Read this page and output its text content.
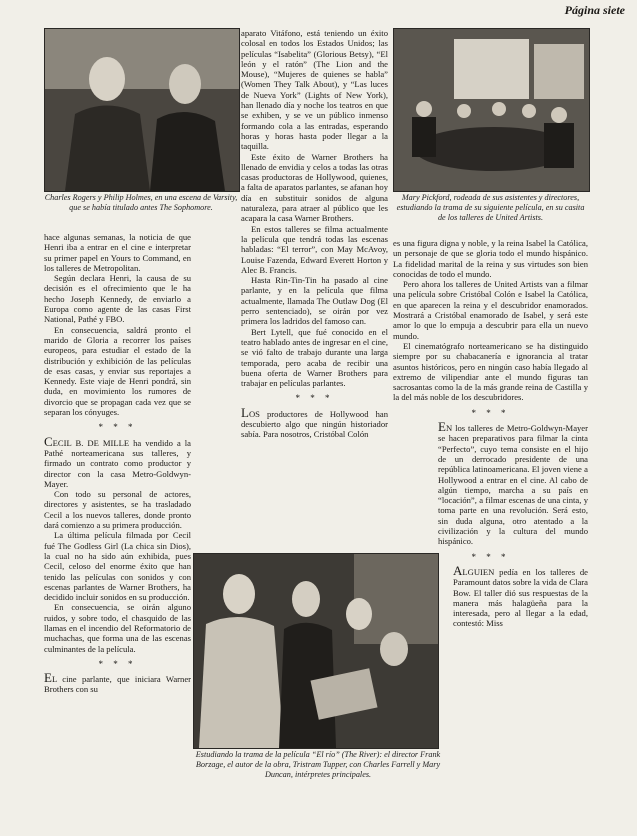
Página siete
Charles Rogers y Philip Holmes, en una escena de Varsity, que se había titulado antes The Sophomore.
Mary Pickford, rodeada de sus asistentes y directores, estudiando la trama de su siguiente película, en su casita de los talleres de United Artists.
Estudiando la trama de la película “El río” (The River): el director Frank Borzage, el autor de la obra, Tristram Tupper, con Charles Farrell y Mary Duncan, intérpretes principales.

hace algunas semanas, la noticia de que Henri iba a entrar en el cine e interpretar su primer papel en Yours to Command, en los talleres de Metropolitan.

Según declara Henri, la causa de su decisión es el ofrecimiento que le ha hecho Joseph Kennedy, de enviarlo a Europa como agente de las casas First National, Pathé y FBO.

En consecuencia, saldrá pronto el marido de Gloria a recorrer los países europeos, para estudiar el estado de la distribución y exhibición de las películas de esas casas, y enviar sus reportajes a Kennedy. Este viaje de Henri pondrá, sin duda, en movimiento los rumores de divorcio que se propagan cada vez que se separan los cónyuges.

* * *

CECIL B. DE MILLE ha vendido a la Pathé norteamericana sus talleres, y firmado un contrato como productor y director con la casa Metro-Goldwyn-Mayer.

Con todo su personal de actores, directores y asistentes, se ha trasladado Cecil a los nuevos talleres, donde pronto dará comienzo a su primera producción.

La última película filmada por Cecil fué The Godless Girl (La chica sin Dios), la cual no ha sido aún exhibida, pues Cecil, celoso del enorme éxito que han tenido las películas con sonidos y con escenas parlantes de Warner Brothers, ha decidido incluir sonidos en su producción.

En consecuencia, se oirán alguno ruidos, y sobre todo, el chasquido de las llamas en el incendio del Reformatorio de muchachas, que forma una de las escenas culminantes de la película.

* * *

EL cine parlante, que iniciara Warner Brothers con su

aparato Vitáfono, está teniendo un éxito colosal en todos los Estados Unidos; las películas “Isabelita” (Glorious Betsy), “El león y el ratón” (The Lion and the Mouse), “Mujeres de quienes se habla” (Women They Talk About), y “Las luces de Nueva York” (Lights of New York), han llenado día y noche los teatros en que se exhiben, y se ve un público inmenso formando cola a las entradas, esperando horas y horas hasta poder llegar a la taquilla.

Este éxito de Warner Brothers ha llenado de envidia y celos a todas las otras casas productoras de Hollywood, quienes, a falta de aparatos parlantes, se afanan hoy día en substituir sonidos de alguna naturaleza, para atraer al público que les acapara la casa Warner Brothers.

En estos talleres se filma actualmente la película que tendrá todas las escenas habladas: “El terror”, con May McAvoy, Louise Fazenda, Edward Everett Horton y Alec B. Francis.

Hasta Rin-Tin-Tin ha pasado al cine parlante, y en la película que filma actualmente, llamada The Outlaw Dog (El perro sentenciado), se oirán por vez primera los ladridos del famoso can.

Bert Lytell, que fué conocido en el teatro hablado antes de ingresar en el cine, se vió falto de trabajo durante una larga temporada, pero acaba de recibir una buena oferta de Warner Brothers para trabajar en películas parlantes.

* * *

LOS productores de Hollywood han descubierto algo que ningún historiador sabía. Para nosotros, Cristóbal Colón

es una figura digna y noble, y la reina Isabel la Católica, un personaje de que se gloria todo el mundo hispánico. La fidelidad marital de la reina y sus virtudes son bien conocidas de todo el mundo.

Pero ahora los talleres de United Artists van a filmar una película sobre Cristóbal Colón e Isabel la Católica, en que aparecen la reina y el descubridor enamorados. Mostrará a Cristóbal enamorado de Isabel, y será este amor lo que lo empuja a descubrir para ella un nuevo mundo.

El cinematógrafo norteamericano se ha distinguido siempre por su chabacanería e ignorancia al tratar asuntos históricos, pero en ningún caso había llegado al extremo de vilipendiar ante el mundo figuras tan sacrosantas como la de la más grande reina de Castilla y la del más noble de los descubridores.

* * *

EN los talleres de Metro-Goldwyn-Mayer se hacen preparativos para filmar la cinta “Perfecto”, cuyo tema consiste en el hijo de un derrocado presidente de una república latinoamericana. El joven viene a Hollywood a entrar en el cine. Al cabo de algún tiempo, marcha a su país en “locación”, a filmar escenas de una cinta, y toma parte en una revolución. Será esto, sin duda alguna, otro atentado a la civilización y la cultura del mundo hispánico.

* * *

ALGUIEN pedía en los talleres de Paramount datos sobre la vida de Clara Bow. El taller dió sus respuestas de la manera más halagüeña para la interesada, pero al llegar a la edad, contestó: Miss
